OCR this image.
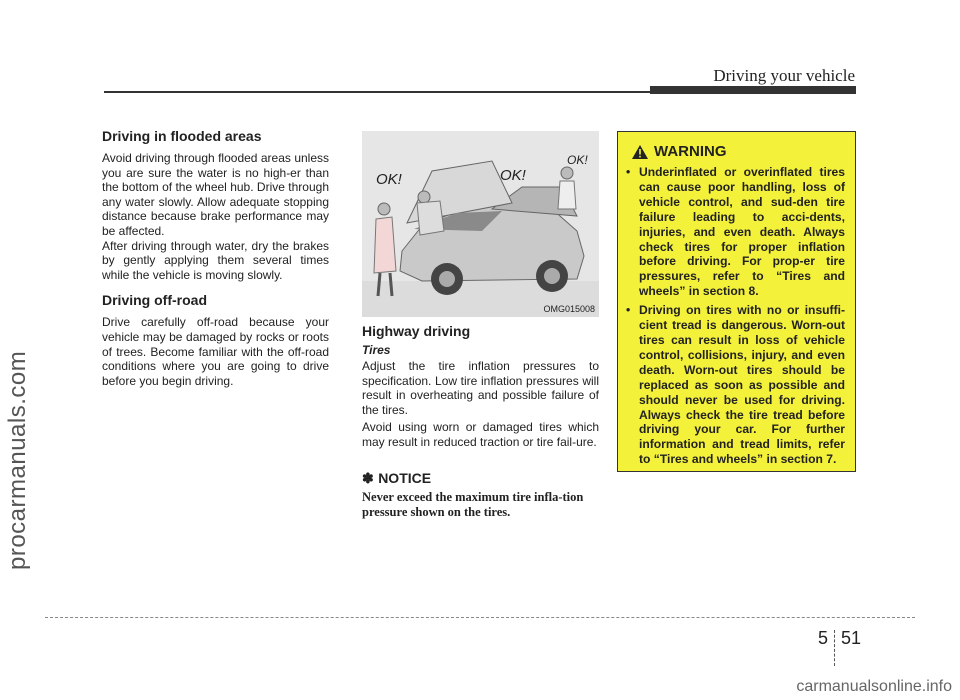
Driving your vehicle
procarmanuals.com
Driving in flooded areas

Avoid driving through flooded areas unless you are sure the water is no high-er than the bottom of the wheel hub. Drive through any water slowly. Allow adequate stopping distance because brake performance may be affected.

After driving through water, dry the brakes by gently applying them several times while the vehicle is moving slowly.

Driving off-road

Drive carefully off-road because your vehicle may be damaged by rocks or roots of trees. Become familiar with the off-road conditions where you are going to drive before you begin driving.

OK!	OK!
OK!
OMG015008
Highway driving
Tires

Adjust the tire inflation pressures to specification. Low tire inflation pressures will result in overheating and possible failure of the tires.

Avoid using worn or damaged tires which may result in reduced traction or tire fail-ure.

✽ NOTICE
Never exceed the maximum tire infla-tion pressure shown on the tires.
WARNING
• Underinflated or overinflated tires can cause poor handling, loss of vehicle control, and sud-den tire failure leading to acci-dents, injuries, and even death. Always check tires for proper inflation before driving. For prop-er tire pressures, refer to “Tires and wheels” in section 8.
• Driving on tires with no or insuffi-cient tread is dangerous. Worn-out tires can result in loss of vehicle control, collisions, injury, and even death. Worn-out tires should be replaced as soon as possible and should never be used for driving. Always check the tire tread before driving your car. For further information and tread limits, refer to “Tires and wheels” in section 7.
5 51
carmanualsonline.info
